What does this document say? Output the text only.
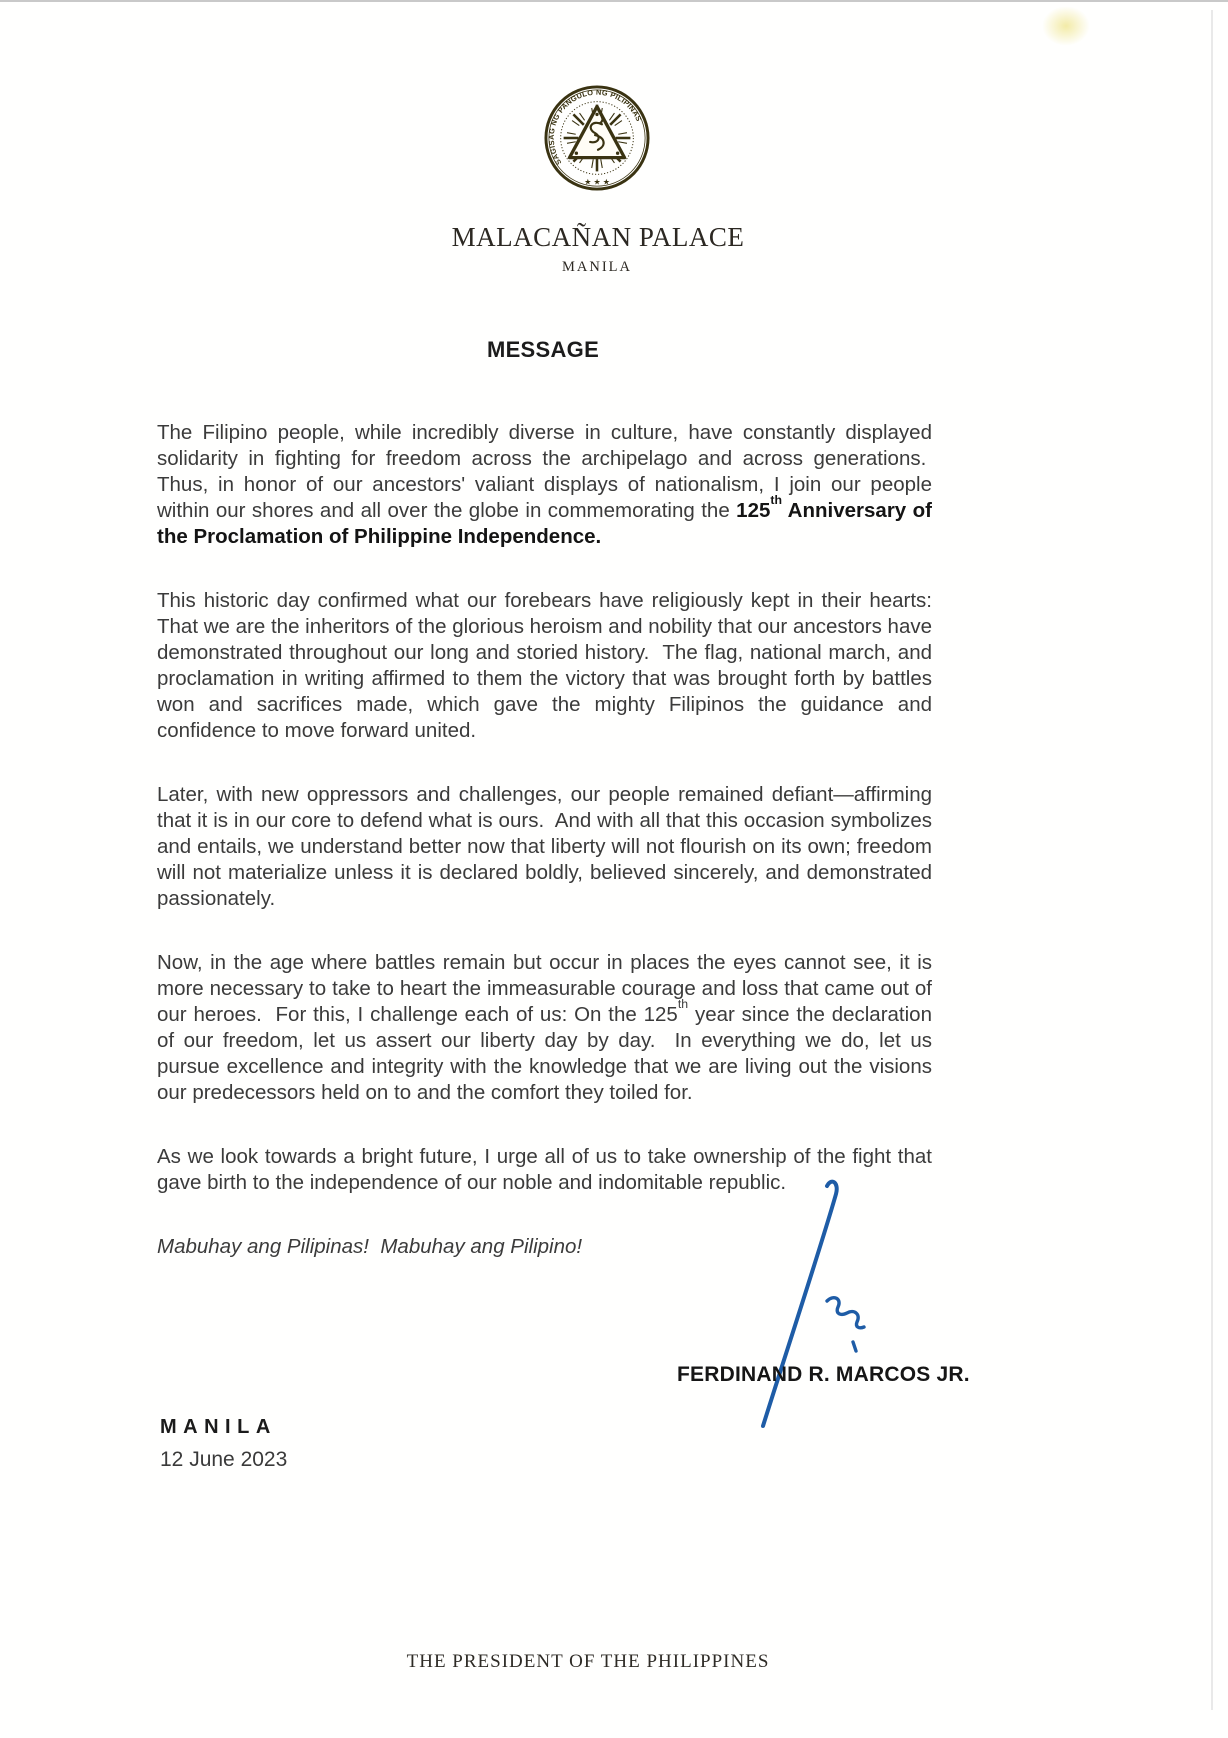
SAGISAG NG PANGULO NG PILIPINAS
★ ★ ★
MALACAÑAN PALACE
MANILA
MESSAGE

The Filipino people, while incredibly diverse in culture, have constantly displayed solidarity in fighting for freedom across the archipelago and across generations.  Thus, in honor of our ancestors' valiant displays of nationalism, I join our people within our shores and all over the globe in commemorating the 125th Anniversary of the Proclamation of Philippine Independence.

This historic day confirmed what our forebears have religiously kept in their hearts: That we are the inheritors of the glorious heroism and nobility that our ancestors have demonstrated throughout our long and storied history.  The flag, national march, and proclamation in writing affirmed to them the victory that was brought forth by battles won and sacrifices made, which gave the mighty Filipinos the guidance and confidence to move forward united.

Later, with new oppressors and challenges, our people remained defiant—affirming that it is in our core to defend what is ours.  And with all that this occasion symbolizes and entails, we understand better now that liberty will not flourish on its own; freedom will not materialize unless it is declared boldly, believed sincerely, and demonstrated passionately.

Now, in the age where battles remain but occur in places the eyes cannot see, it is more necessary to take to heart the immeasurable courage and loss that came out of our heroes.  For this, I challenge each of us: On the 125th year since the declaration of our freedom, let us assert our liberty day by day.  In everything we do, let us pursue excellence and integrity with the knowledge that we are living out the visions our predecessors held on to and the comfort they toiled for.

As we look towards a bright future, I urge all of us to take ownership of the fight that gave birth to the independence of our noble and indomitable republic.

Mabuhay ang Pilipinas!  Mabuhay ang Pilipino!

FERDINAND R. MARCOS JR.
MANILA
12 June 2023
THE PRESIDENT OF THE PHILIPPINES
